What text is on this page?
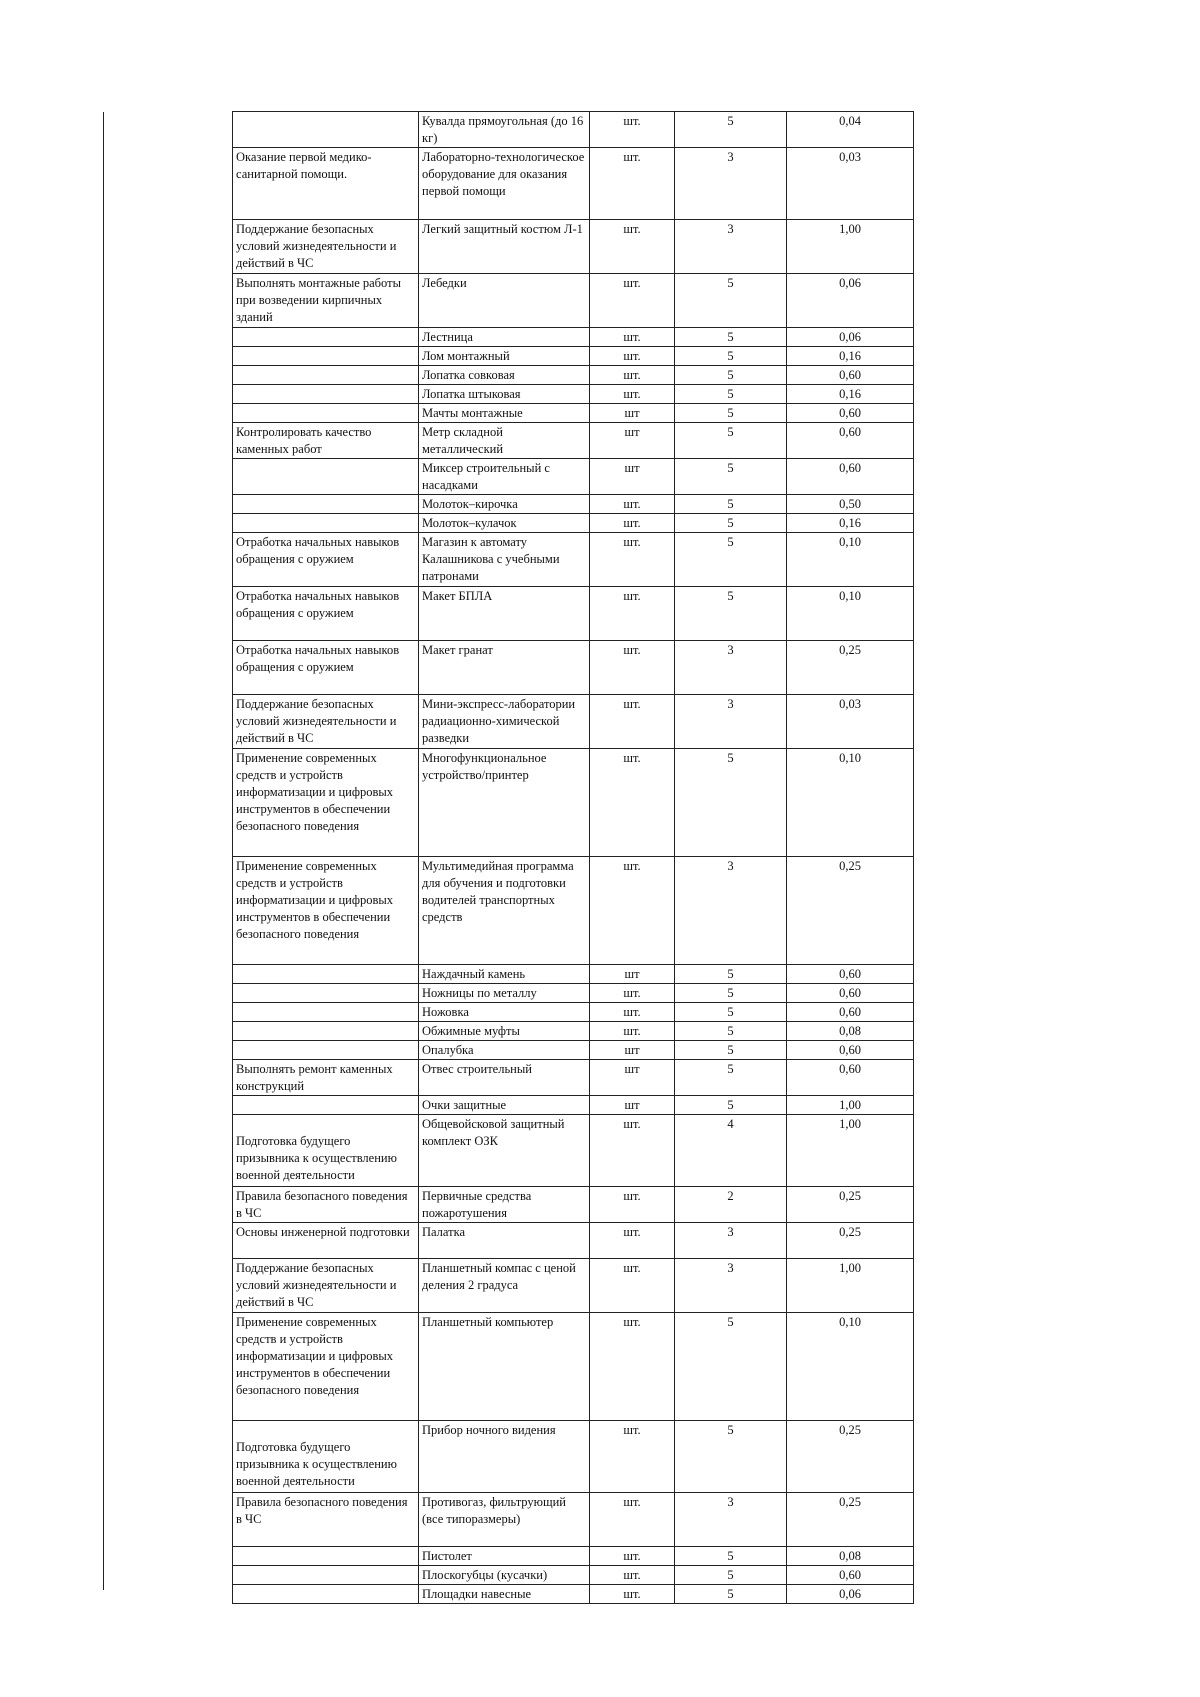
	Кувалда прямоугольная (до 16 кг)	шт.	5	0,04
Оказание первой медико-санитарной помощи.	Лабораторно-технологическое оборудование для оказания первой помощи	шт.	3	0,03
Поддержание безопасных условий жизнедеятельности и действий в ЧС	Легкий защитный костюм Л-1	шт.	3	1,00
Выполнять монтажные работы при возведении кирпичных зданий	Лебедки	шт.	5	0,06
	Лестница	шт.	5	0,06
	Лом монтажный	шт.	5	0,16
	Лопатка совковая	шт.	5	0,60
	Лопатка штыковая	шт.	5	0,16
	Мачты монтажные	шт	5	0,60
Контролировать качество каменных работ	Метр складной металлический	шт	5	0,60
	Миксер строительный с насадками	шт	5	0,60
	Молоток–кирочка	шт.	5	0,50
	Молоток–кулачок	шт.	5	0,16
Отработка начальных навыков обращения с оружием	Магазин к автомату Калашникова с учебными патронами	шт.	5	0,10
Отработка начальных навыков обращения с оружием	Макет БПЛА	шт.	5	0,10
Отработка начальных навыков обращения с оружием	Макет гранат	шт.	3	0,25
Поддержание безопасных условий жизнедеятельности и действий в ЧС	Мини-экспресс-лаборатории радиационно-химической разведки	шт.	3	0,03
Применение современных средств и устройств информатизации и цифровых инструментов в обеспечении безопасного поведения	Многофункциональное устройство/принтер	шт.	5	0,10
Применение современных средств и устройств информатизации и цифровых инструментов в обеспечении безопасного поведения	Мультимедийная программа для обучения и подготовки водителей транспортных средств	шт.	3	0,25
	Наждачный камень	шт	5	0,60
	Ножницы по металлу	шт.	5	0,60
	Ножовка	шт.	5	0,60
	Обжимные муфты	шт.	5	0,08
	Опалубка	шт	5	0,60
Выполнять ремонт каменных конструкций	Отвес строительный	шт	5	0,60
	Очки защитные	шт	5	1,00

Подготовка будущего призывника к осуществлению военной деятельности	Общевойсковой защитный комплект ОЗК	шт.	4	1,00
Правила безопасного поведения в ЧС	Первичные средства пожаротушения	шт.	2	0,25
Основы инженерной подготовки	Палатка	шт.	3	0,25
Поддержание безопасных условий жизнедеятельности и действий в ЧС	Планшетный компас с ценой деления 2 градуса	шт.	3	1,00
Применение современных средств и устройств информатизации и цифровых инструментов в обеспечении безопасного поведения	Планшетный компьютер	шт.	5	0,10

Подготовка будущего призывника к осуществлению военной деятельности	Прибор ночного видения	шт.	5	0,25
Правила безопасного поведения в ЧС	Противогаз, фильтрующий (все типоразмеры)	шт.	3	0,25
	Пистолет	шт.	5	0,08
	Плоскогубцы (кусачки)	шт.	5	0,60
	Площадки навесные	шт.	5	0,06
